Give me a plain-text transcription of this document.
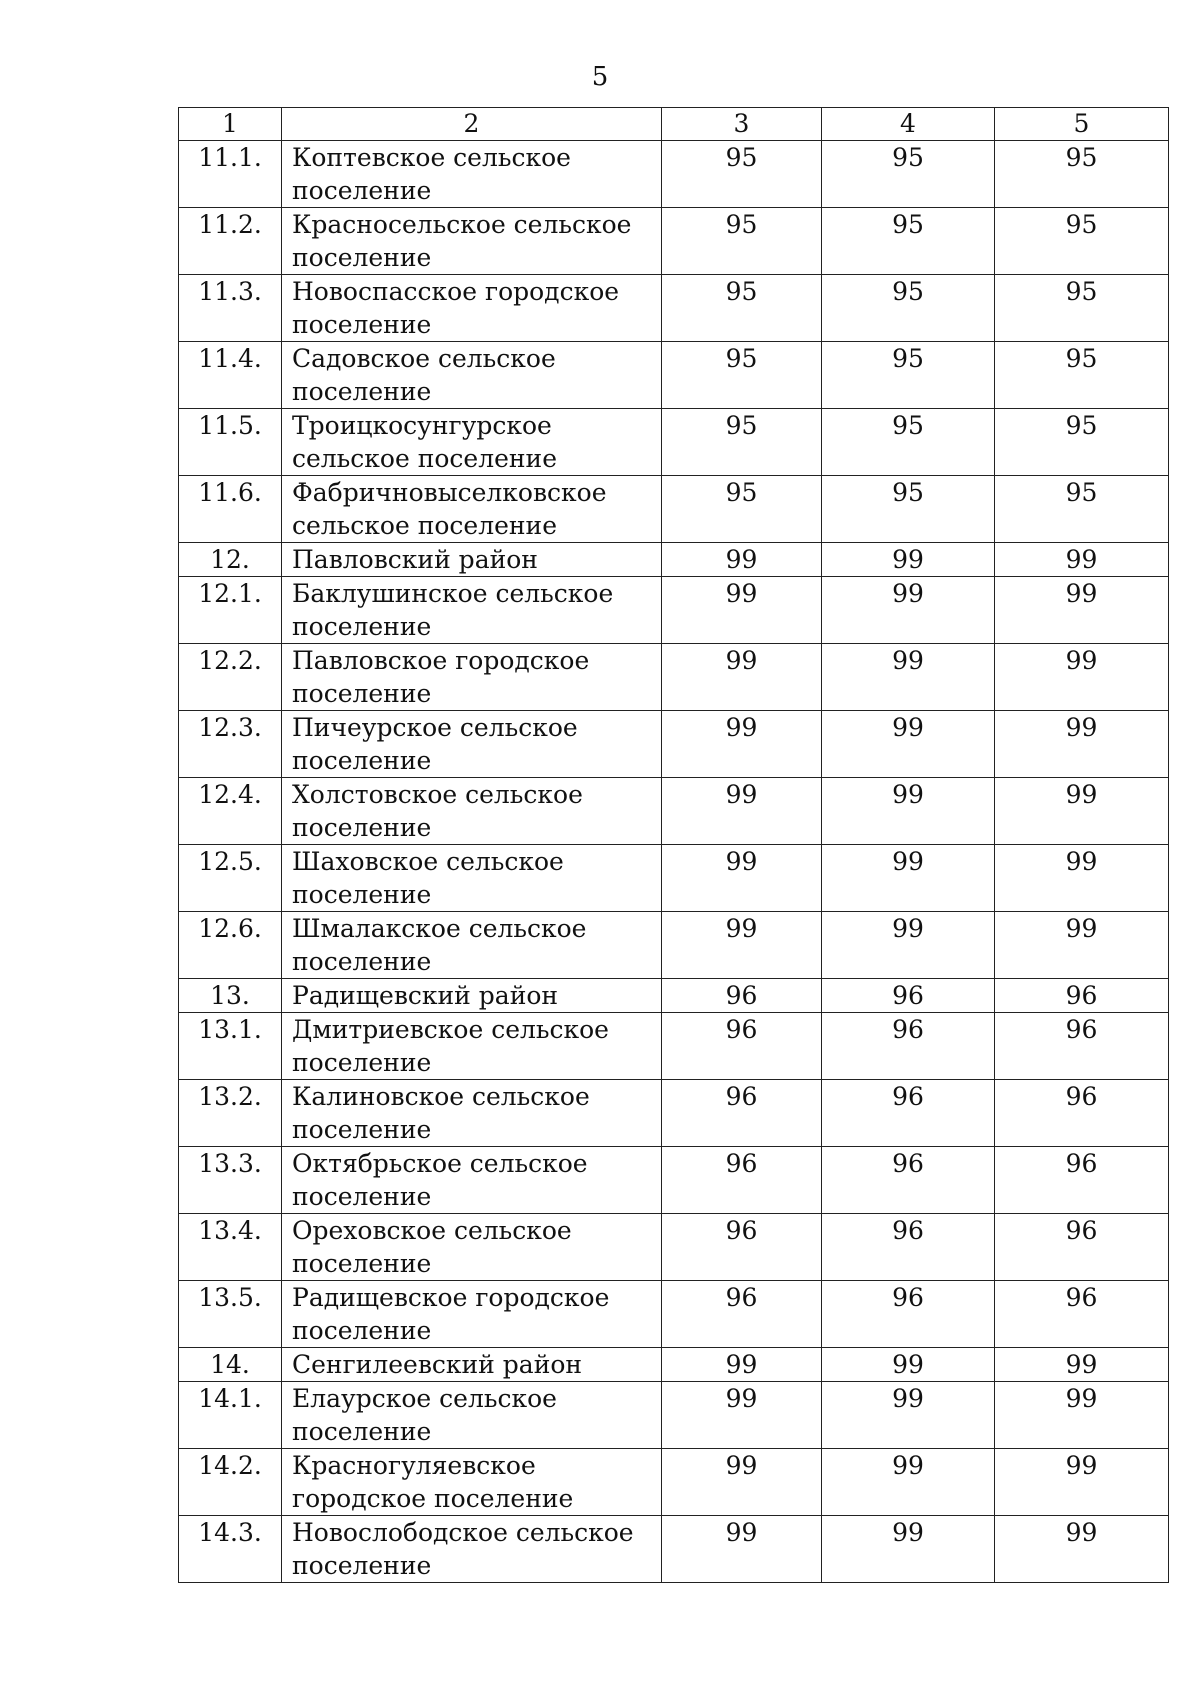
5
1	2	3	4	5
11.1.	Коптевское сельское поселение	95	95	95
11.2.	Красносельское сельское поселение	95	95	95
11.3.	Новоспасское городское поселение	95	95	95
11.4.	Садовское сельское поселение	95	95	95
11.5.	Троицкосунгурское сельское поселение	95	95	95
11.6.	Фабричновыселковское сельское поселение	95	95	95
12.	Павловский район	99	99	99
12.1.	Баклушинское сельское поселение	99	99	99
12.2.	Павловское городское поселение	99	99	99
12.3.	Пичеурское сельское поселение	99	99	99
12.4.	Холстовское сельское поселение	99	99	99
12.5.	Шаховское сельское поселение	99	99	99
12.6.	Шмалакское сельское поселение	99	99	99
13.	Радищевский район	96	96	96
13.1.	Дмитриевское сельское поселение	96	96	96
13.2.	Калиновское сельское поселение	96	96	96
13.3.	Октябрьское сельское поселение	96	96	96
13.4.	Ореховское сельское поселение	96	96	96
13.5.	Радищевское городское поселение	96	96	96
14.	Сенгилеевский район	99	99	99
14.1.	Елаурское сельское поселение	99	99	99
14.2.	Красногуляевское городское поселение	99	99	99
14.3.	Новослободское сельское поселение	99	99	99
